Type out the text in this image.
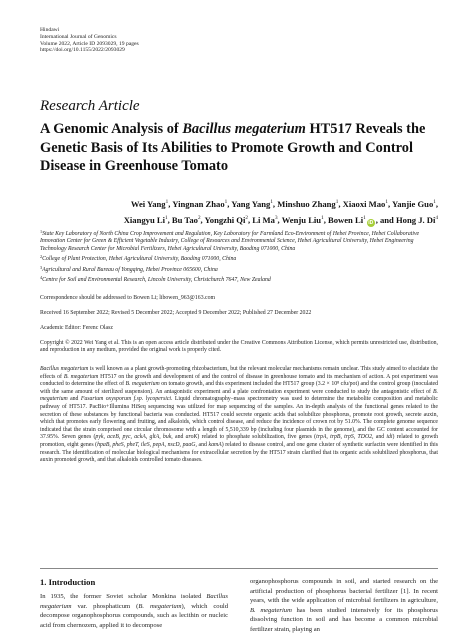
Hindawi
International Journal of Genomics
Volume 2022, Article ID 2093029, 19 pages
https://doi.org/10.1155/2022/2093029
Research Article
A Genomic Analysis of Bacillus megaterium HT517 Reveals the Genetic Basis of Its Abilities to Promote Growth and Control Disease in Greenhouse Tomato
Wei Yang$^1$, Yingnan Zhao$^1$, Yang Yang$^1$, Minshuo Zhang$^1$, Xiaoxi Mao$^1$, Yanjie Guo$^1$,
Xiangyu Li$^1$, Bu Tao$^2$, Yongzhi Qi$^2$, Li Ma$^3$, Wenju Liu$^1$, Bowen Li$^1$iD , and Hong J. Di$^4$
$^1$State Key Laboratory of North China Crop Improvement and Regulation, Key Laboratory for Farmland Eco-Environment of Hebei Province, Hebei Collaborative Innovation Center for Green & Efficient Vegetable Industry, College of Resources and Environmental Science, Hebei Agricultural University, Hebei Engineering Technology Research Center for Microbial Fertilizers, Hebei Agricultural University, Baoding 071000, China
$^2$College of Plant Protection, Hebei Agricultural University, Baoding 071000, China
$^3$Agricultural and Rural Bureau of Yongqing, Hebei Province 065600, China
$^4$Centre for Soil and Environmental Research, Lincoln University, Christchurch 7647, New Zealand
Correspondence should be addressed to Bowen Li; libowen_963@163.com
Received 16 September 2022; Revised 5 December 2022; Accepted 9 December 2022; Published 27 December 2022
Academic Editor: Ferenc Olasz
Copyright © 2022 Wei Yang et al. This is an open access article distributed under the Creative Commons Attribution License, which permits unrestricted use, distribution, and reproduction in any medium, provided the original work is properly cited.
Bacillus megaterium is well known as a plant growth-promoting rhizobacterium, but the relevant molecular mechanisms remain unclear. This study aimed to elucidate the effects of B. megaterium HT517 on the growth and development of and the control of disease in greenhouse tomato and its mechanism of action. A pot experiment was conducted to determine the effect of B. megaterium on tomato growth, and this experiment included the HT517 group (3.2 × 10⁸ cfu/pot) and the control group (inoculated with the same amount of sterilized suspension). An antagonistic experiment and a plate confrontation experiment were conducted to study the antagonistic effect of B. megaterium and Fusarium oxysporum f.sp. lycopersici. Liquid chromatography–mass spectrometry was used to determine the metabolite composition and metabolic pathway of HT517. PacBio+Illumina HiSeq sequencing was utilized for map sequencing of the samples. An in-depth analysis of the functional genes related to the secretion of these substances by functional bacteria was conducted. HT517 could secrete organic acids that solubilize phosphorus, promote root growth, secrete auxin, which that promotes early flowering and fruiting, and alkaloids, which control disease, and reduce the incidence of crown rot by 51.0%. The complete genome sequence indicated that the strain comprised one circular chromosome with a length of 5,510,339 bp (including four plasmids in the genome), and the GC content accounted for 37.95%. Seven genes (pyk, aceB, pyc, ackA, gltA, buk, and aroK) related to phosphate solubilization, five genes (trpA, trpB, trpS, TDO2, and idi) related to growth promotion, eight genes (hpaB, pheS, pheT, ileS, pepA, nscD, paaG, and kamA) related to disease control, and one gene cluster of synthetic surfactin were identified in this research. The identification of molecular biological mechanisms for extracellular secretion by the HT517 strain clarified that its organic acids solubilized phosphorus, that auxin promoted growth, and that alkaloids controlled tomato diseases.
1. Introduction
In 1935, the former Soviet scholar Monkina isolated Bacillus megaterium var. phosphaticum (B. megaterium), which could decompose organophosphorus compounds, such as lecithin or nucleic acid from chernozem, applied it to decompose
organophosphorus compounds in soil, and started research on the artificial production of phosphorus bacterial fertilizer [1]. In recent years, with the wide application of microbial fertilizers in agriculture, B. megaterium has been studied intensively for its phosphorus dissolving function in soil and has become a common microbial fertilizer strain, playing an
